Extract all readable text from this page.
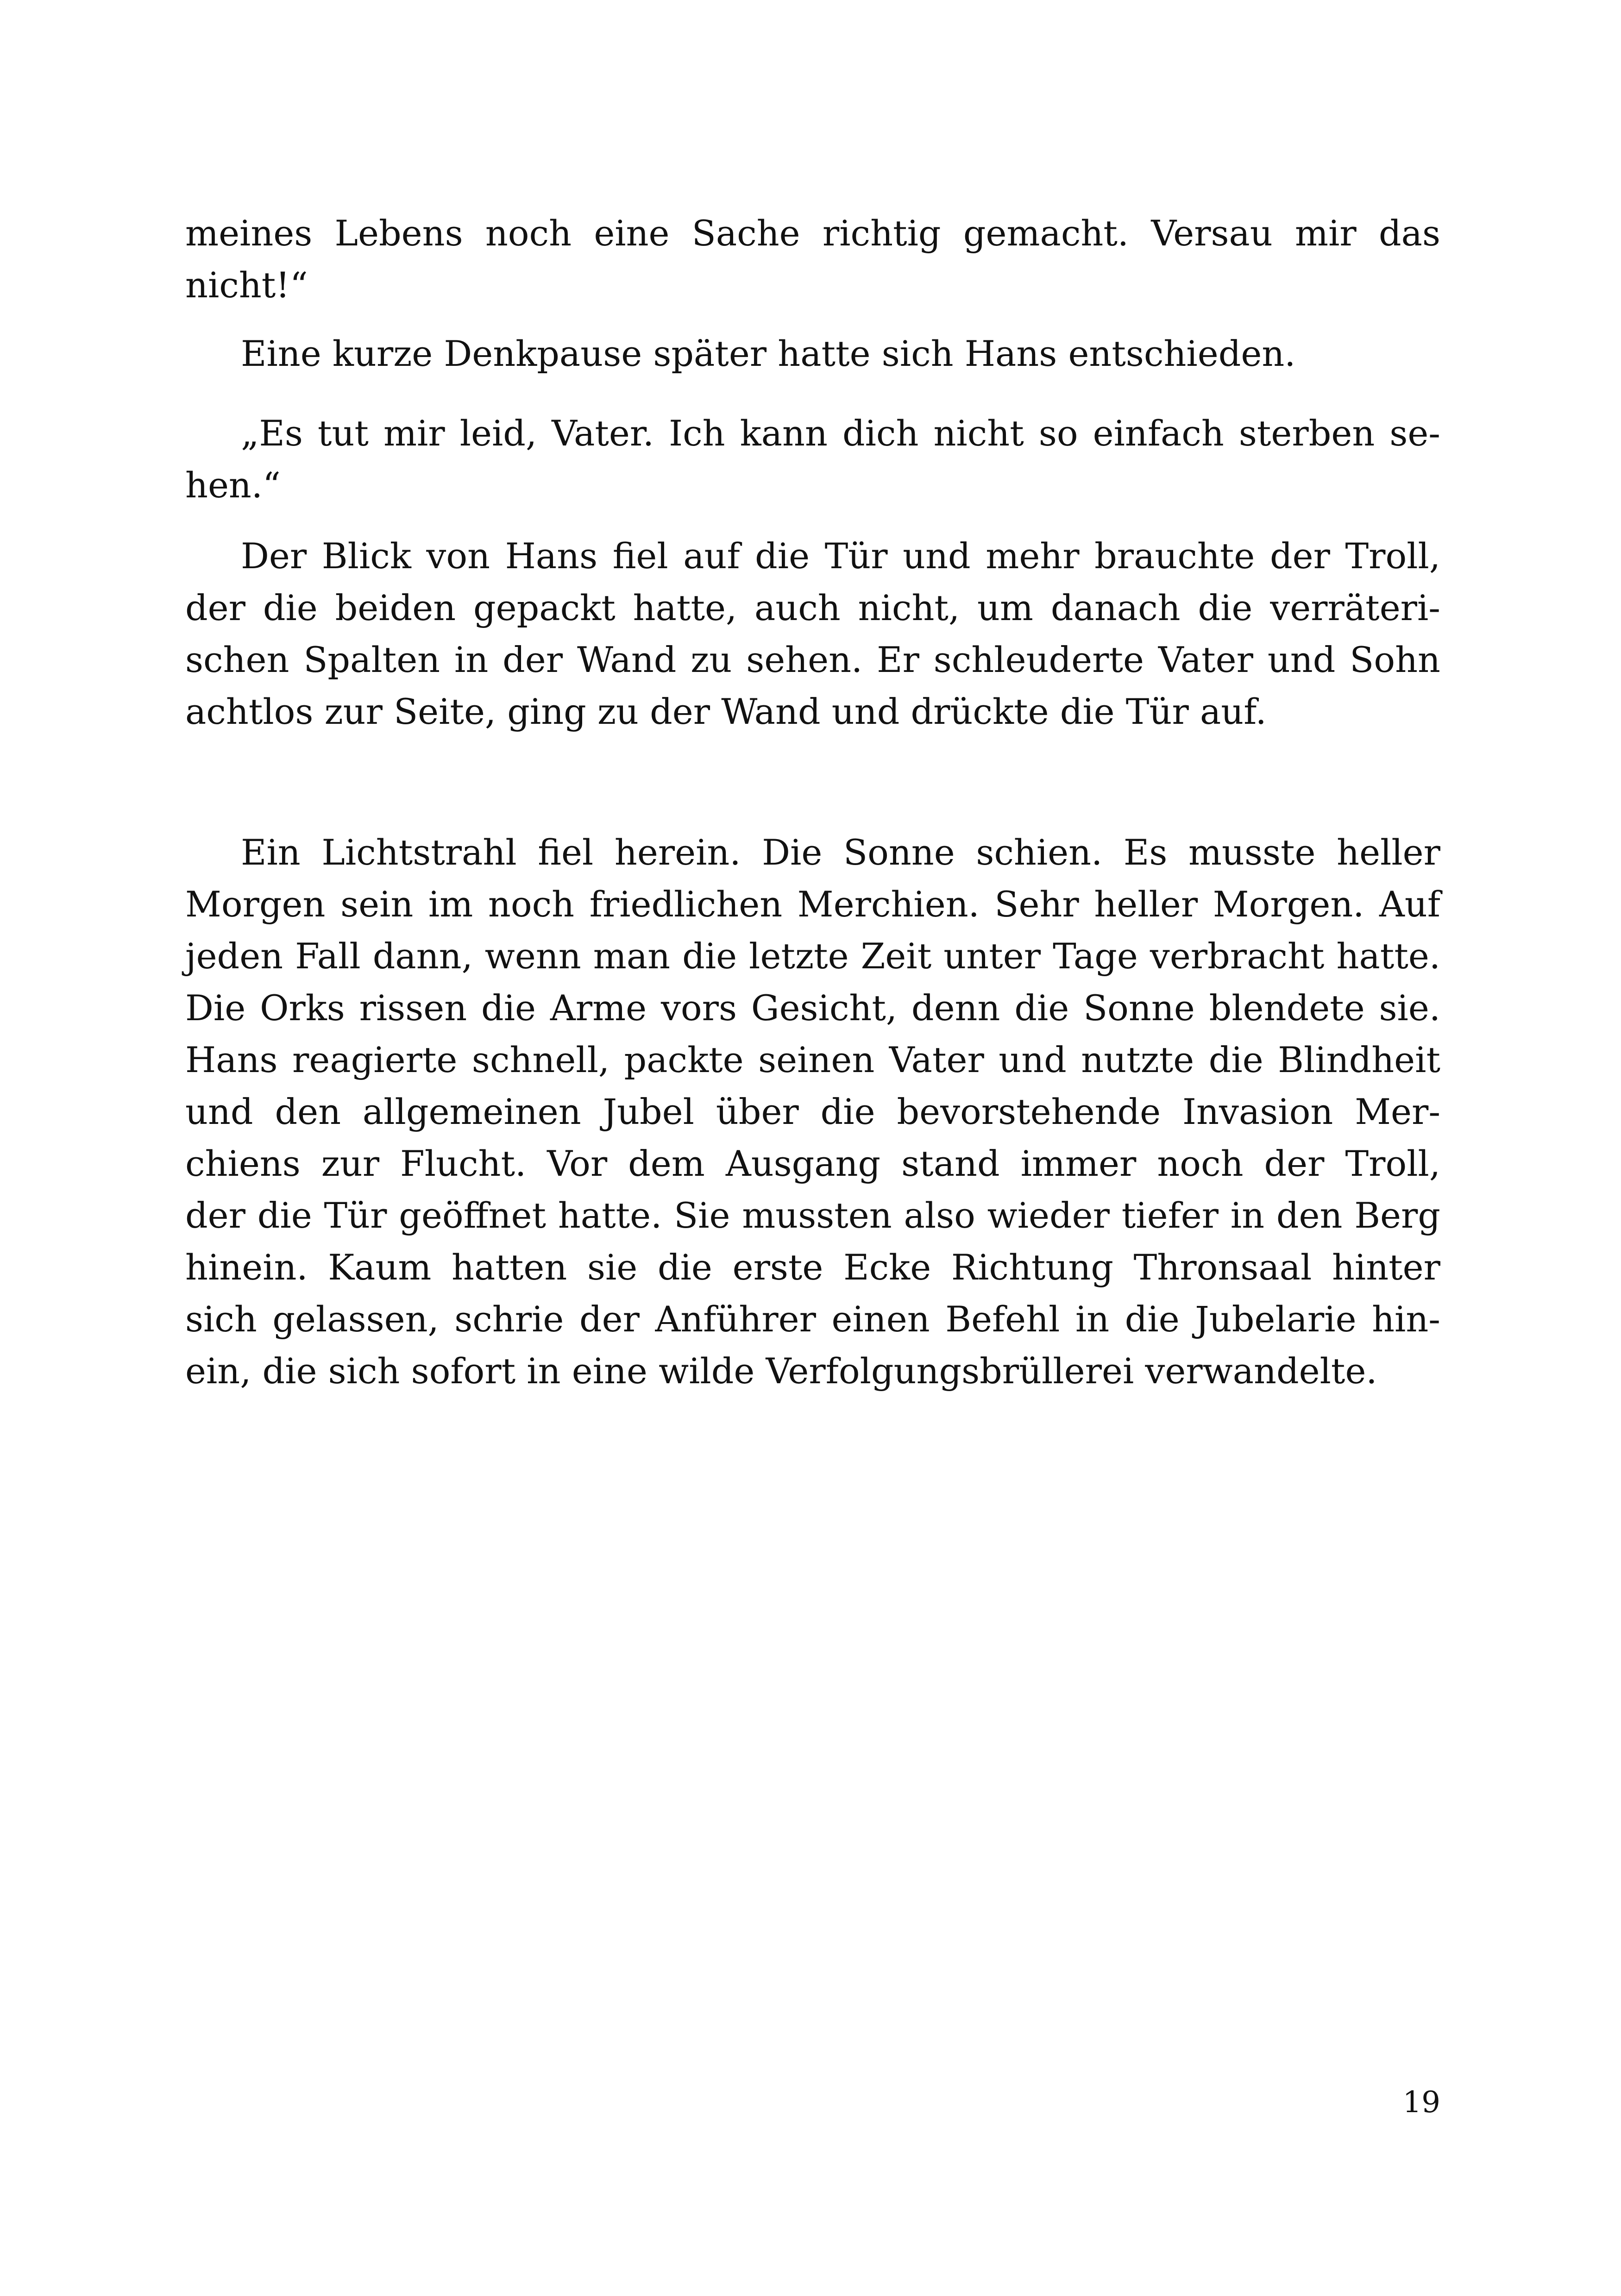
meines Lebens noch eine Sache richtig gemacht. Versau mir das
nicht!“
Eine kurze Denkpause später hatte sich Hans entschieden.
„Es tut mir leid, Vater. Ich kann dich nicht so einfach sterben se-
hen.“
Der Blick von Hans fiel auf die Tür und mehr brauchte der Troll,
der die beiden gepackt hatte, auch nicht, um danach die verräteri-
schen Spalten in der Wand zu sehen. Er schleuderte Vater und Sohn
achtlos zur Seite, ging zu der Wand und drückte die Tür auf.
Ein Lichtstrahl fiel herein. Die Sonne schien. Es musste heller
Morgen sein im noch friedlichen Merchien. Sehr heller Morgen. Auf
jeden Fall dann, wenn man die letzte Zeit unter Tage verbracht hatte.
Die Orks rissen die Arme vors Gesicht, denn die Sonne blendete sie.
Hans reagierte schnell, packte seinen Vater und nutzte die Blindheit
und den allgemeinen Jubel über die bevorstehende Invasion Mer-
chiens zur Flucht. Vor dem Ausgang stand immer noch der Troll,
der die Tür geöffnet hatte. Sie mussten also wieder tiefer in den Berg
hinein. Kaum hatten sie die erste Ecke Richtung Thronsaal hinter
sich gelassen, schrie der Anführer einen Befehl in die Jubelarie hin-
ein, die sich sofort in eine wilde Verfolgungsbrüllerei verwandelte.
19
